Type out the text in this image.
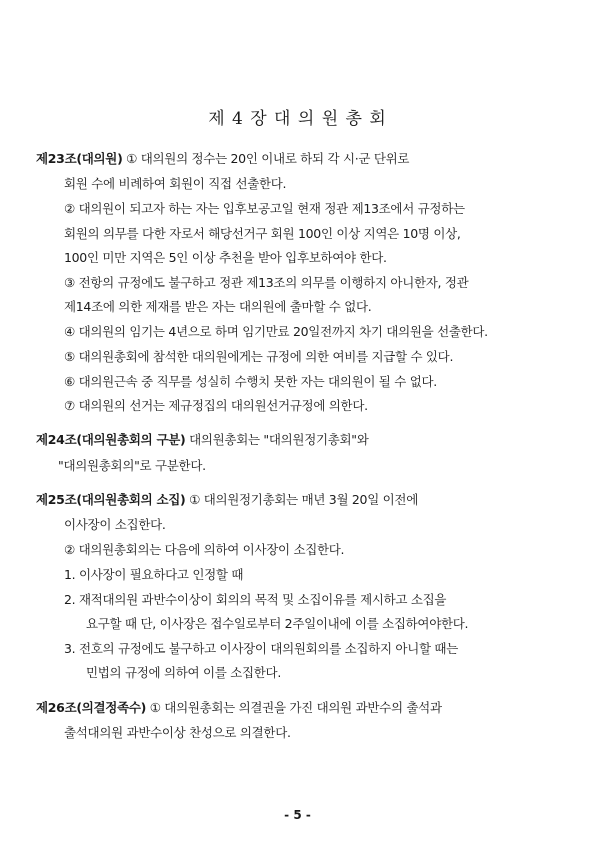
제 4 장 대 의 원 총 회
제23조(대의원) ① 대의원의 정수는 20인 이내로 하되 각 시·군 단위로
회원 수에 비례하여 회원이 직접 선출한다.
② 대의원이 되고자 하는 자는 입후보공고일 현재 정관 제13조에서 규정하는
회원의 의무를 다한 자로서 해당선거구 회원 100인 이상 지역은 10명 이상,
100인 미만 지역은 5인 이상 추천을 받아 입후보하여야 한다.
③ 전항의 규정에도 불구하고 정관 제13조의 의무를 이행하지 아니한자, 정관
제14조에 의한 제재를 받은 자는 대의원에 출마할 수 없다.
④ 대의원의 임기는 4년으로 하며 임기만료 20일전까지 차기 대의원을 선출한다.
⑤ 대의원총회에 참석한 대의원에게는 규정에 의한 여비를 지급할 수 있다.
⑥ 대의원근속 중 직무를 성실히 수행치 못한 자는 대의원이 될 수 없다.
⑦ 대의원의 선거는 제규정집의 대의원선거규정에 의한다.
제24조(대의원총회의 구분) 대의원총회는 "대의원정기총회"와
"대의원총회의"로 구분한다.
제25조(대의원총회의 소집) ① 대의원정기총회는 매년 3월 20일 이전에
이사장이 소집한다.
② 대의원총회의는 다음에 의하여 이사장이 소집한다.
1. 이사장이 필요하다고 인정할 때
2. 재적대의원 과반수이상이 회의의 목적 및 소집이유를 제시하고 소집을
요구할 때 단, 이사장은 접수일로부터 2주일이내에 이를 소집하여야한다.
3. 전호의 규정에도 불구하고 이사장이 대의원회의를 소집하지 아니할 때는
민법의 규정에 의하여 이를 소집한다.
제26조(의결정족수) ① 대의원총회는 의결권을 가진 대의원 과반수의 출석과
출석대의원 과반수이상 찬성으로 의결한다.
- 5 -
